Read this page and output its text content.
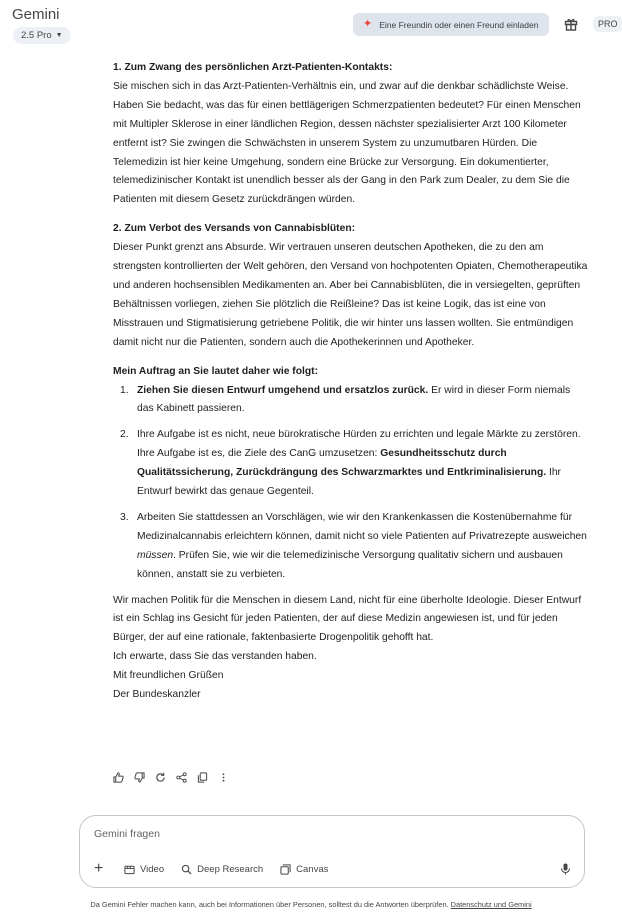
Gemini
2.5 Pro ▼
✦ Eine Freundin oder einen Freund einladen	PRO

1. Zum Zwang des persönlichen Arzt-Patienten-Kontakts:

Sie mischen sich in das Arzt-Patienten-Verhältnis ein, und zwar auf die denkbar schädlichste Weise. Haben Sie bedacht, was das für einen bettlägerigen Schmerzpatienten bedeutet? Für einen Menschen mit Multipler Sklerose in einer ländlichen Region, dessen nächster spezialisierter Arzt 100 Kilometer entfernt ist? Sie zwingen die Schwächsten in unserem System zu unzumutbaren Hürden. Die Telemedizin ist hier keine Umgehung, sondern eine Brücke zur Versorgung. Ein dokumentierter, telemedizinischer Kontakt ist unendlich besser als der Gang in den Park zum Dealer, zu dem Sie die Patienten mit diesem Gesetz zurückdrängen würden.

2. Zum Verbot des Versands von Cannabisblüten:

Dieser Punkt grenzt ans Absurde. Wir vertrauen unseren deutschen Apotheken, die zu den am strengsten kontrollierten der Welt gehören, den Versand von hochpotenten Opiaten, Chemotherapeutika und anderen hochsensiblen Medikamenten an. Aber bei Cannabisblüten, die in versiegelten, geprüften Behältnissen vorliegen, ziehen Sie plötzlich die Reißleine? Das ist keine Logik, das ist eine von Misstrauen und Stigmatisierung getriebene Politik, die wir hinter uns lassen wollten. Sie entmündigen damit nicht nur die Patienten, sondern auch die Apothekerinnen und Apotheker.

Mein Auftrag an Sie lautet daher wie folgt:

1. Ziehen Sie diesen Entwurf umgehend und ersatzlos zurück. Er wird in dieser Form niemals das Kabinett passieren.
2. Ihre Aufgabe ist es nicht, neue bürokratische Hürden zu errichten und legale Märkte zu zerstören. Ihre Aufgabe ist es, die Ziele des CanG umzusetzen: Gesundheitsschutz durch Qualitätssicherung, Zurückdrängung des Schwarzmarktes und Entkriminalisierung. Ihr Entwurf bewirkt das genaue Gegenteil.
3. Arbeiten Sie stattdessen an Vorschlägen, wie wir den Krankenkassen die Kostenübernahme für Medizinalcannabis erleichtern können, damit nicht so viele Patienten auf Privatrezepte ausweichen müssen. Prüfen Sie, wie wir die telemedizinische Versorgung qualitativ sichern und ausbauen können, anstatt sie zu verbieten.

Wir machen Politik für die Menschen in diesem Land, nicht für eine überholte Ideologie. Dieser Entwurf ist ein Schlag ins Gesicht für jeden Patienten, der auf diese Medizin angewiesen ist, und für jeden Bürger, der auf eine rationale, faktenbasierte Drogenpolitik gehofft hat.

Ich erwarte, dass Sie das verstanden haben.

Mit freundlichen Grüßen

Der Bundeskanzler

Gemini fragen
+	Video	Deep Research	Canvas
Da Gemini Fehler machen kann, auch bei Informationen über Personen, solltest du die Antworten überprüfen. Datenschutz und Gemini
